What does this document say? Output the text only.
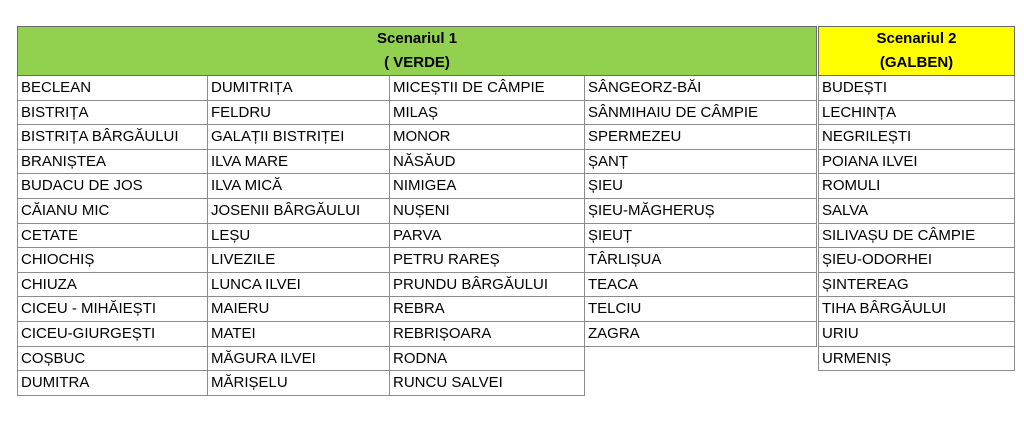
Scenariul 1
( VERDE)			

BECLEAN	DUMITRIȚA	MICEȘTII DE CÂMPIE	SÂNGEORZ-BĂI
BISTRIȚA	FELDRU	MILAȘ	SÂNMIHAIU DE CÂMPIE
BISTRIȚA BÂRGĂULUI	GALAȚII BISTRIȚEI	MONOR	SPERMEZEU
BRANIȘTEA	ILVA MARE	NĂSĂUD	ȘANȚ
BUDACU DE JOS	ILVA MICĂ	NIMIGEA	ȘIEU
CĂIANU MIC	JOSENII BÂRGĂULUI	NUȘENI	ȘIEU-MĂGHERUȘ
CETATE	LEȘU	PARVA	ȘIEUȚ
CHIOCHIȘ	LIVEZILE	PETRU RAREȘ	TÂRLIȘUA
CHIUZA	LUNCA ILVEI	PRUNDU BÂRGĂULUI	TEACA
CICEU - MIHĂIEȘTI	MAIERU	REBRA	TELCIU
CICEU-GIURGEȘTI	MATEI	REBRIȘOARA	ZAGRA
COȘBUC	MĂGURA ILVEI	RODNA	
DUMITRA	MĂRIȘELU	RUNCU SALVEI	
Scenariul 2
(GALBEN)

BUDEȘTI
LECHINȚA
NEGRILEȘTI
POIANA ILVEI
ROMULI
SALVA
SILIVAȘU DE CÂMPIE
ȘIEU-ODORHEI
ȘINTEREAG
TIHA BÂRGĂULUI
URIU
URMENIȘ
